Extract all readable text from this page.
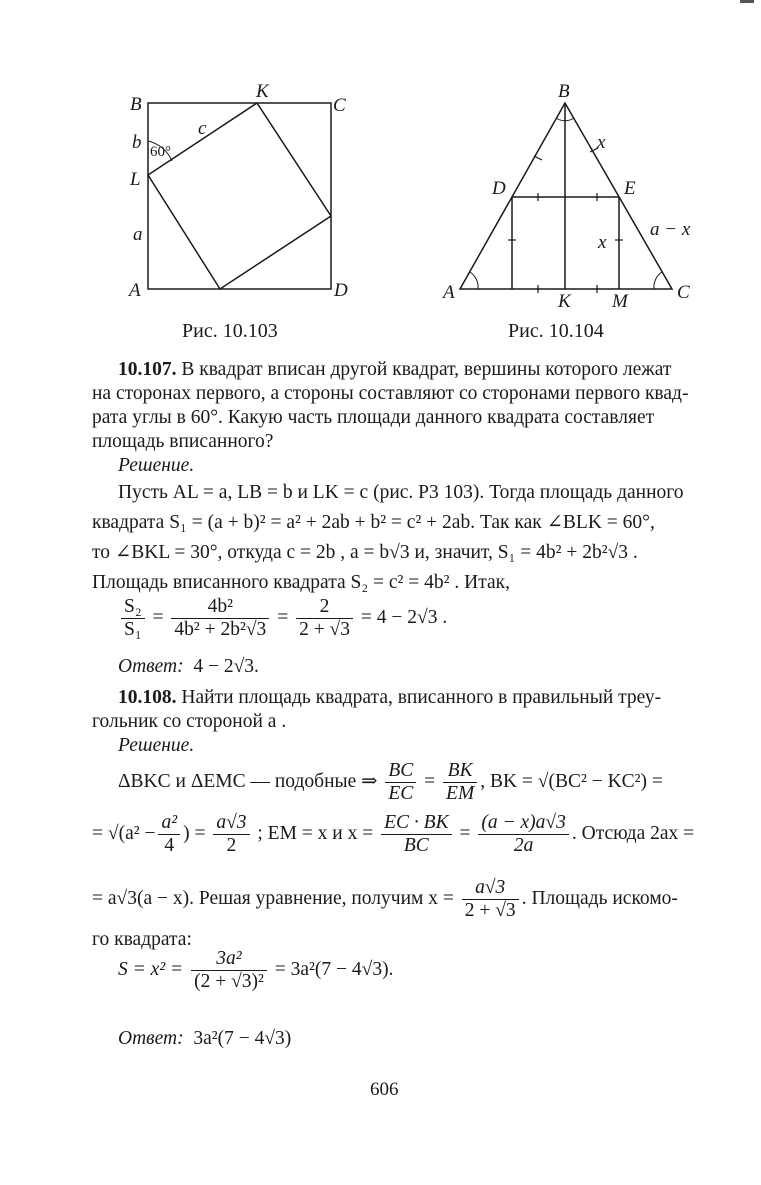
B
K
C
b 60°
c
L
a
A	D
B
x
D	E
a − x
x
A	K M	C
Рис. 10.103	Рис. 10.104
10.107. В квадрат вписан другой квадрат, вершины которого лежат
на сторонах первого, а стороны составляют со сторонами первого квад-
рата углы в 60°. Какую часть площади данного квадрата составляет
площадь вписанного?
Решение.
Пусть AL = a, LB = b и LK = c (рис. Р3 103). Тогда площадь данного
квадрата S₁ = (a + b)² = a² + 2ab + b² = c² + 2ab. Так как ∠BLK = 60°,
то ∠BKL = 30°, откуда c = 2b , a = b√3 и, значит, S₁ = 4b² + 2b²√3 .
Площадь вписанного квадрата S₂ = c² = 4b² . Итак,
$\frac{\text{S₂}}{\text{S₁}} = \frac{\text{4b²}}{\text{4b² + 2b²√3}} = \frac{2}{2 + √3} = 4 - 2√3$ .
Ответ: 4 − 2√3.
10.108. Найти площадь квадрата, вписанного в правильный треу-
гольник со стороной a .
Решение.
ΔBKC и ΔEMC — подобные ⇒ $\frac{BC}{EC} = \frac{BK}{EM}$ , BK = √(BC² − KC²) =
= $√(a^2 - \frac{\text{a²}}{4}$ ) = $\frac{a√3}{2}$ ; EM = x и $x = \frac{EC \cdot BK}{BC} = \frac{(a - x)a√3}{2a}$ . Отсюда 2ax =
= a√3(a − x). Решая уравнение, получим $x = \frac{a√3}{2 + √3}$ . Площадь искомо-
го квадрата:
$S = x^2 = \frac{\text{3a²}}{\text{(2 + √3)²}} = 3a^2(7 - 4√3)$.
Ответ: 3a²(7 − 4√3)
606
